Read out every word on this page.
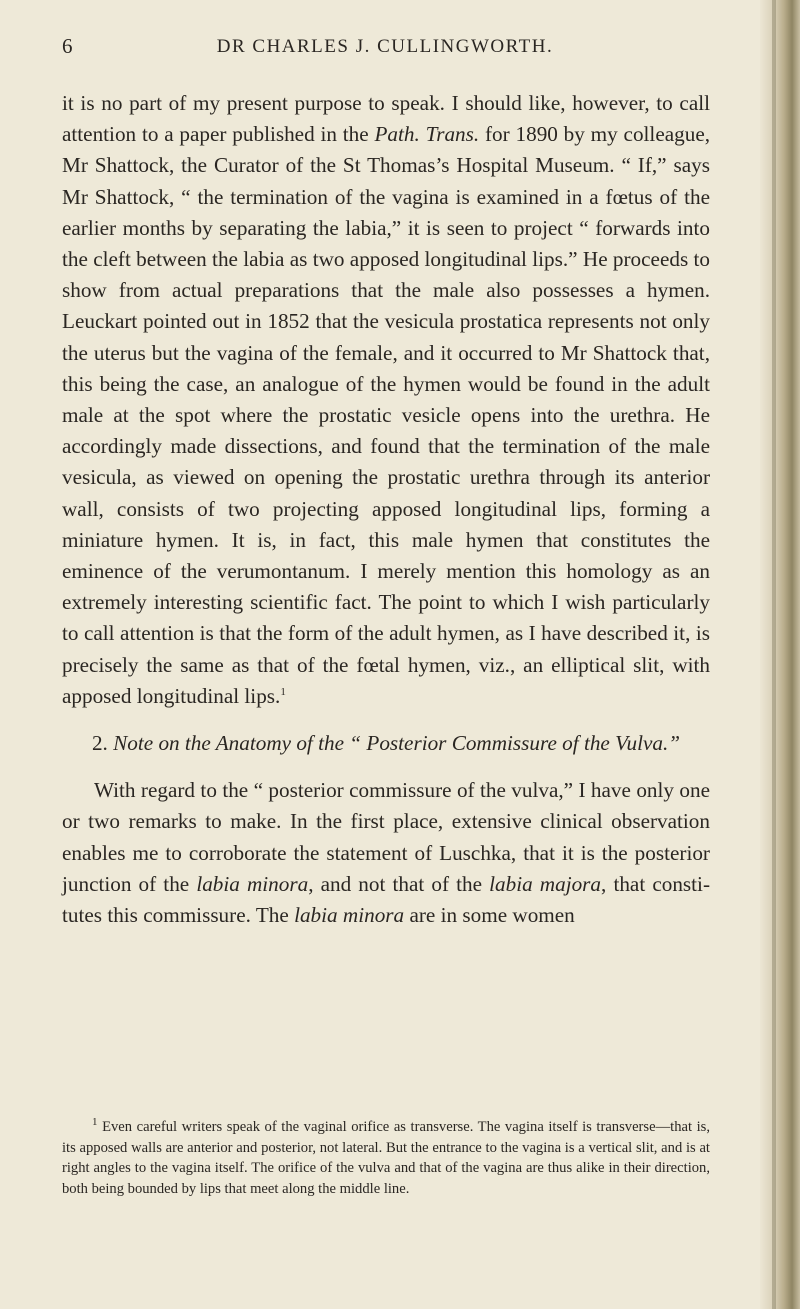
6	DR CHARLES J. CULLINGWORTH.

it is no part of my present purpose to speak. I should like, however, to call attention to a paper published in the Path. Trans. for 1890 by my colleague, Mr Shattock, the Curator of the St Thomas’s Hospital Museum. “ If,” says Mr Shattock, “ the termination of the vagina is examined in a fœtus of the earlier months by separating the labia,” it is seen to project “ forwards into the cleft between the labia as two apposed longitudinal lips.” He proceeds to show from actual preparations that the male also possesses a hymen. Leuckart pointed out in 1852 that the vesicula prostatica represents not only the uterus but the vagina of the female, and it occurred to Mr Shattock that, this being the case, an analogue of the hymen would be found in the adult male at the spot where the prostatic vesicle opens into the urethra. He accordingly made dissections, and found that the termination of the male vesicula, as viewed on opening the prostatic urethra through its anterior wall, consists of two projecting apposed longitudinal lips, forming a miniature hymen. It is, in fact, this male hymen that constitutes the eminence of the verumontanum. I merely mention this homology as an extremely interesting scientific fact. The point to which I wish particularly to call attention is that the form of the adult hymen, as I have described it, is precisely the same as that of the fœtal hymen, viz., an elliptical slit, with apposed longitudinal lips.$^1$

2. Note on the Anatomy of the “ Posterior Commissure of the Vulva.”

With regard to the “ posterior commissure of the vulva,” I have only one or two remarks to make. In the first place, extensive clinical observation enables me to corroborate the statement of Luschka, that it is the posterior junction of the labia minora, and not that of the labia majora, that constitutes this commissure. The labia minora are in some women

$^1$ Even careful writers speak of the vaginal orifice as transverse. The vagina itself is transverse—that is, its apposed walls are anterior and posterior, not lateral. But the entrance to the vagina is a vertical slit, and is at right angles to the vagina itself. The orifice of the vulva and that of the vagina are thus alike in their direction, both being bounded by lips that meet along the middle line.
